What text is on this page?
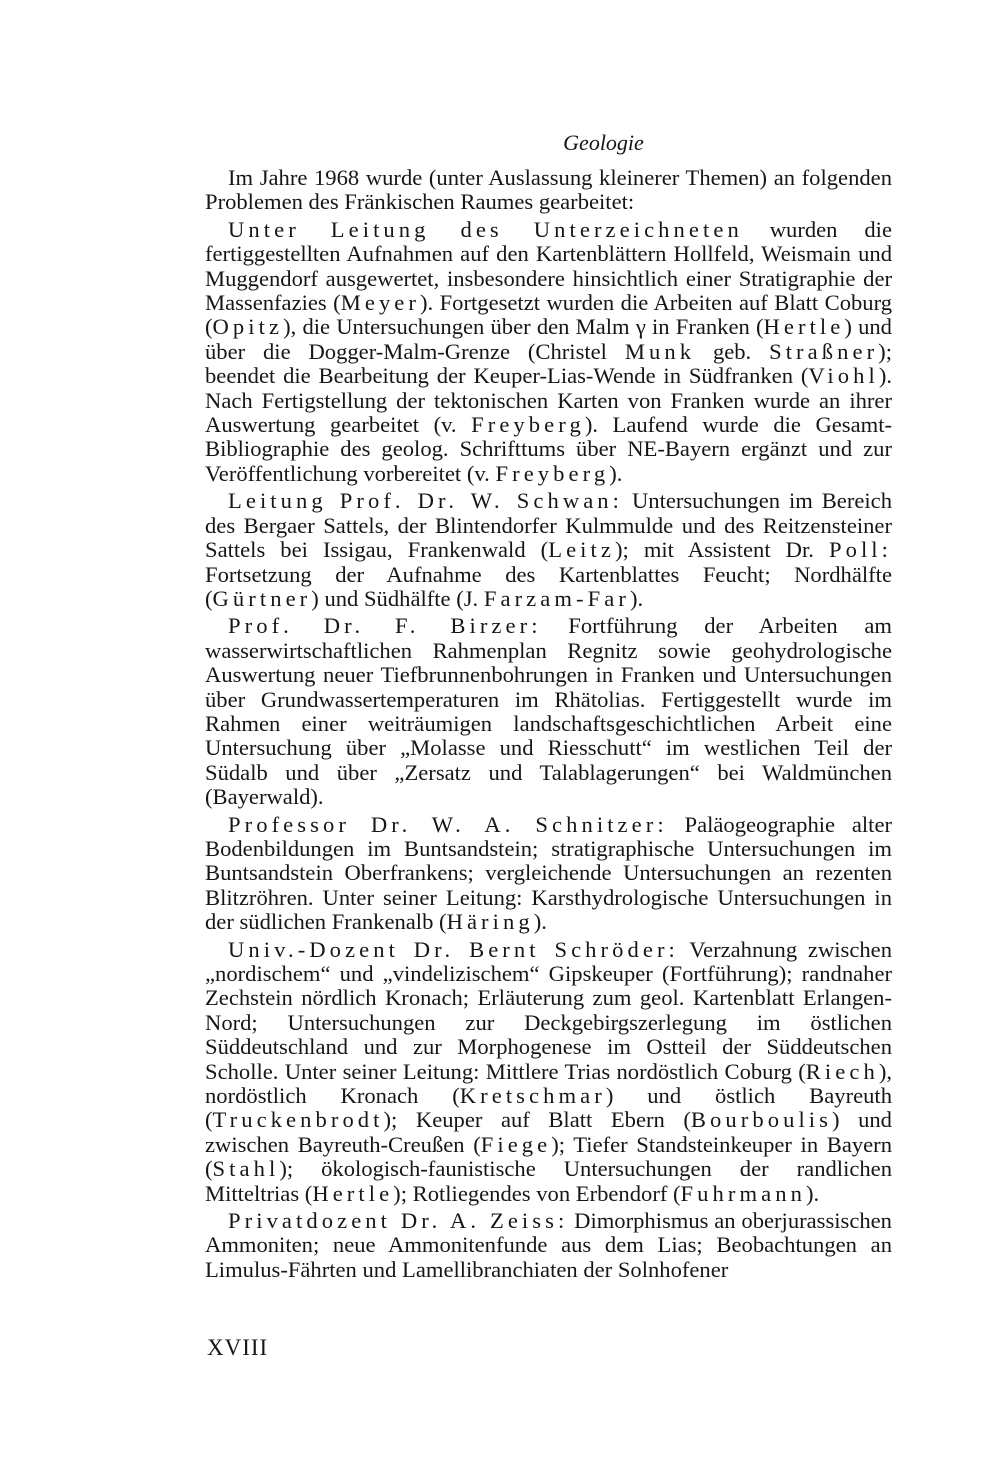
Geologie

Im Jahre 1968 wurde (unter Auslassung kleinerer Themen) an folgenden Problemen des Fränkischen Raumes gearbeitet:

Unter Leitung des Unterzeichneten wurden die fertiggestellten Aufnahmen auf den Kartenblättern Hollfeld, Weismain und Muggendorf ausgewertet, insbesondere hinsichtlich einer Stratigraphie der Massenfazies (Meyer). Fortgesetzt wurden die Arbeiten auf Blatt Coburg (Opitz), die Untersuchungen über den Malm γ in Franken (Hertle) und über die Dogger-Malm-Grenze (Christel Munk geb. Straßner); beendet die Bearbeitung der Keuper-Lias-Wende in Südfranken (Viohl). Nach Fertigstellung der tektonischen Karten von Franken wurde an ihrer Auswertung gearbeitet (v. Freyberg). Laufend wurde die Gesamt-Bibliographie des geolog. Schrifttums über NE-Bayern ergänzt und zur Veröffentlichung vorbereitet (v. Freyberg).

Leitung Prof. Dr. W. Schwan: Untersuchungen im Bereich des Bergaer Sattels, der Blintendorfer Kulmmulde und des Reitzensteiner Sattels bei Issigau, Frankenwald (Leitz); mit Assistent Dr. Poll: Fortsetzung der Aufnahme des Kartenblattes Feucht; Nordhälfte (Gürtner) und Südhälfte (J. Farzam-Far).

Prof. Dr. F. Birzer: Fortführung der Arbeiten am wasserwirtschaftlichen Rahmenplan Regnitz sowie geohydrologische Auswertung neuer Tiefbrunnenbohrungen in Franken und Untersuchungen über Grundwassertemperaturen im Rhätolias. Fertiggestellt wurde im Rahmen einer weiträumigen landschaftsgeschichtlichen Arbeit eine Untersuchung über „Molasse und Riesschutt“ im westlichen Teil der Südalb und über „Zersatz und Talablagerungen“ bei Waldmünchen (Bayerwald).

Professor Dr. W. A. Schnitzer: Paläogeographie alter Bodenbildungen im Buntsandstein; stratigraphische Untersuchungen im Buntsandstein Oberfrankens; vergleichende Untersuchungen an rezenten Blitzröhren. Unter seiner Leitung: Karsthydrologische Untersuchungen in der südlichen Frankenalb (Häring).

Univ.-Dozent Dr. Bernt Schröder: Verzahnung zwischen „nordischem“ und „vindelizischem“ Gipskeuper (Fortführung); randnaher Zechstein nördlich Kronach; Erläuterung zum geol. Kartenblatt Erlangen-Nord; Untersuchungen zur Deckgebirgszerlegung im östlichen Süddeutschland und zur Morphogenese im Ostteil der Süddeutschen Scholle. Unter seiner Leitung: Mittlere Trias nordöstlich Coburg (Riech), nordöstlich Kronach (Kretschmar) und östlich Bayreuth (Truckenbrodt); Keuper auf Blatt Ebern (Bourboulis) und zwischen Bayreuth-Creußen (Fiege); Tiefer Standsteinkeuper in Bayern (Stahl); ökologisch-faunistische Untersuchungen der randlichen Mitteltrias (Hertle); Rotliegendes von Erbendorf (Fuhrmann).

Privatdozent Dr. A. Zeiss: Dimorphismus an oberjurassischen Ammoniten; neue Ammonitenfunde aus dem Lias; Beobachtungen an Limulus-Fährten und Lamellibranchiaten der Solnhofener

XVIII
